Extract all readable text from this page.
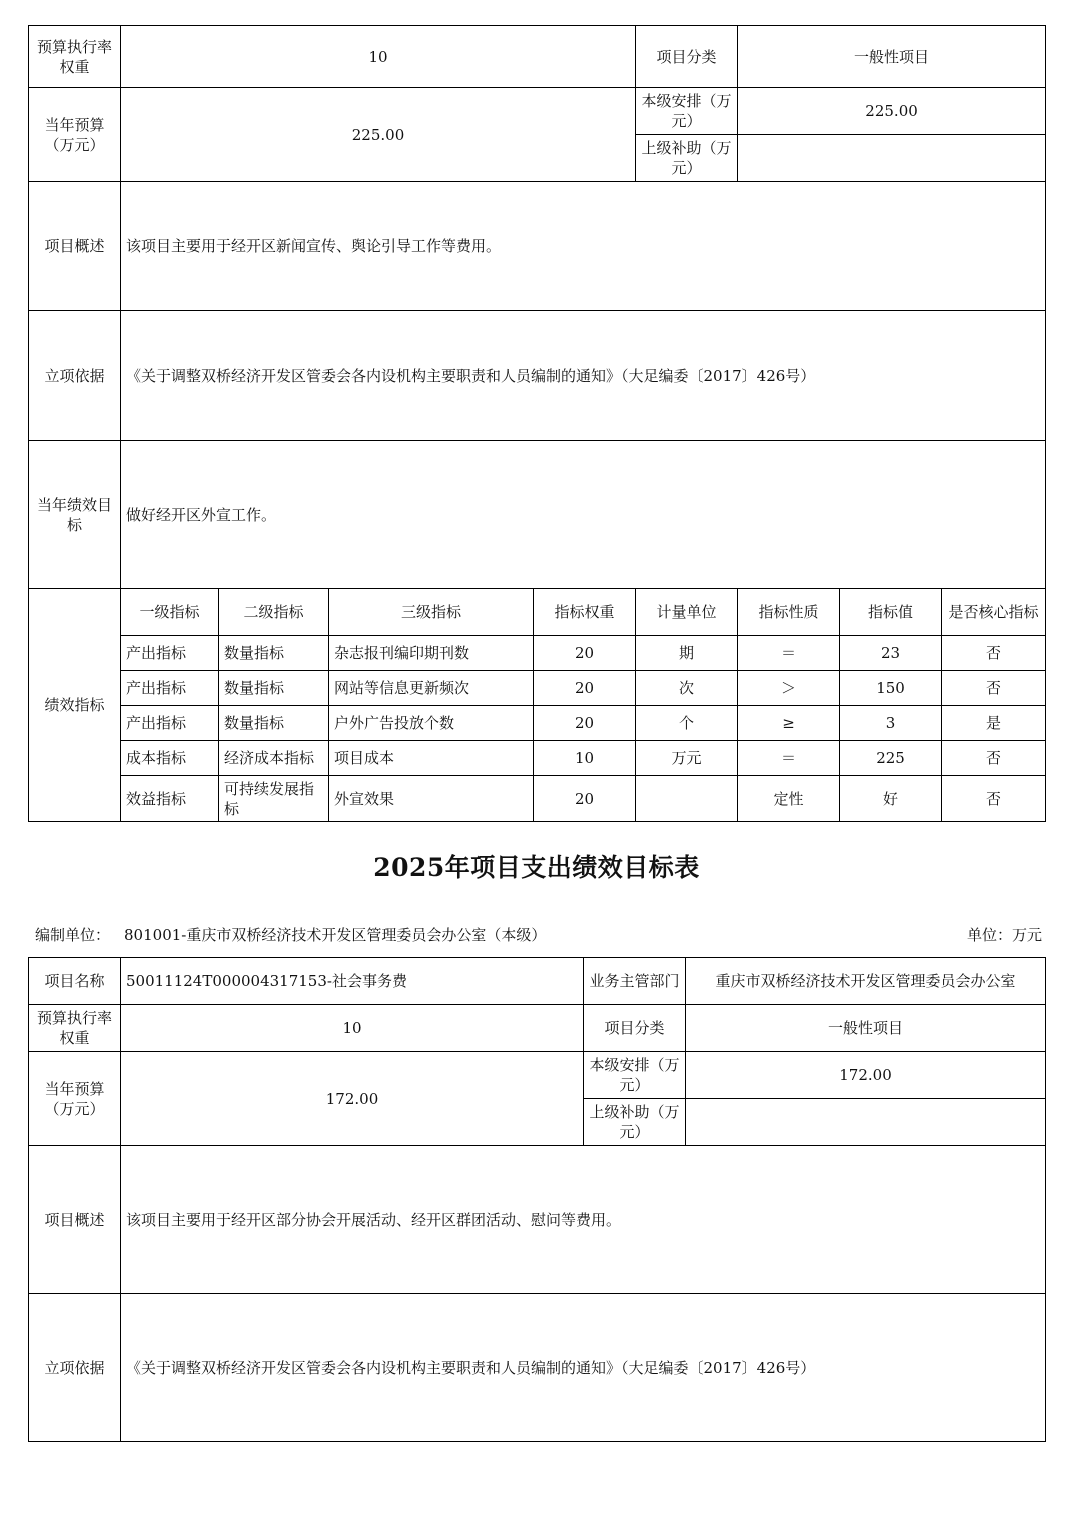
预算执行率权重	10				项目分类	一般性项目		
当年预算（万元）	225.00				本级安排（万元）	225.00		
					上级补助（万元）			
项目概述	该项目主要用于经开区新闻宣传、舆论引导工作等费用。							
立项依据	《关于调整双桥经济开发区管委会各内设机构主要职责和人员编制的通知》（大足编委〔2017〕426号）							
当年绩效目标	做好经开区外宣工作。							
绩效指标	一级指标	二级指标	三级指标	指标权重	计量单位	指标性质	指标值	是否核心指标
	产出指标	数量指标	杂志报刊编印期刊数	20	期	＝	23	否
	产出指标	数量指标	网站等信息更新频次	20	次	＞	150	否
	产出指标	数量指标	户外广告投放个数	20	个	≥	3	是
	成本指标	经济成本指标	项目成本	10	万元	＝	225	否
	效益指标	可持续发展指标	外宣效果	20		定性	好	否
2025年项目支出绩效目标表
编制单位： 801001-重庆市双桥经济技术开发区管理委员会办公室（本级）	单位：万元
项目名称	50011124T000004317153-社会事务费	业务主管部门	重庆市双桥经济技术开发区管理委员会办公室
预算执行率权重	10	项目分类	一般性项目
当年预算（万元）	172.00	本级安排（万元）	172.00
		上级补助（万元）	
项目概述	该项目主要用于经开区部分协会开展活动、经开区群团活动、慰问等费用。		
立项依据	《关于调整双桥经济开发区管委会各内设机构主要职责和人员编制的通知》（大足编委〔2017〕426号）		
